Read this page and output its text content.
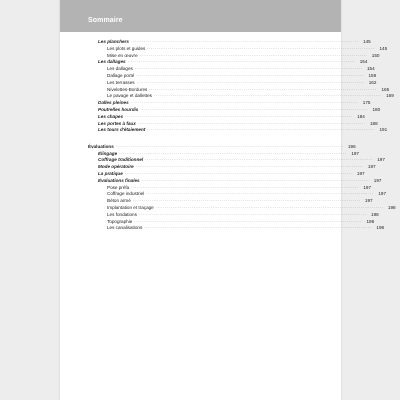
Sommaire
Les planchers ........................................................................................................................ 145
Les plots et guides ........................................................................................................................ 145
Mise en œuvre ........................................................................................................................ 150
Les dallages ........................................................................................................................ 154
Les dallages ........................................................................................................................ 154
Dallage porté ........................................................................................................................ 159
Les terrasses ........................................................................................................................ 162
Nivelettes-Bordures ........................................................................................................................ 165
Le pavage et dallettes ........................................................................................................................ 169
Dalles pleines ........................................................................................................................ 175
Poutrelles hourdis ........................................................................................................................ 180
Les chapes ........................................................................................................................ 184
Les portes à faux ........................................................................................................................ 188
Les tours d'étaiement ........................................................................................................................ 191
Évaluations ........................................................................................................................ 196
Élingage ........................................................................................................................ 197
Coffrage traditionnel ........................................................................................................................ 197
Mode opératoire ........................................................................................................................ 197
La pratique ........................................................................................................................ 197
Évaluations finales ........................................................................................................................ 197
Pose préfa ........................................................................................................................ 197
Coffrage industriel ........................................................................................................................ 197
Béton armé ........................................................................................................................ 197
Implantation et traçage ........................................................................................................................ 198
Les fondations ........................................................................................................................ 198
Topographie ........................................................................................................................ 198
Les canalisations ........................................................................................................................ 198
